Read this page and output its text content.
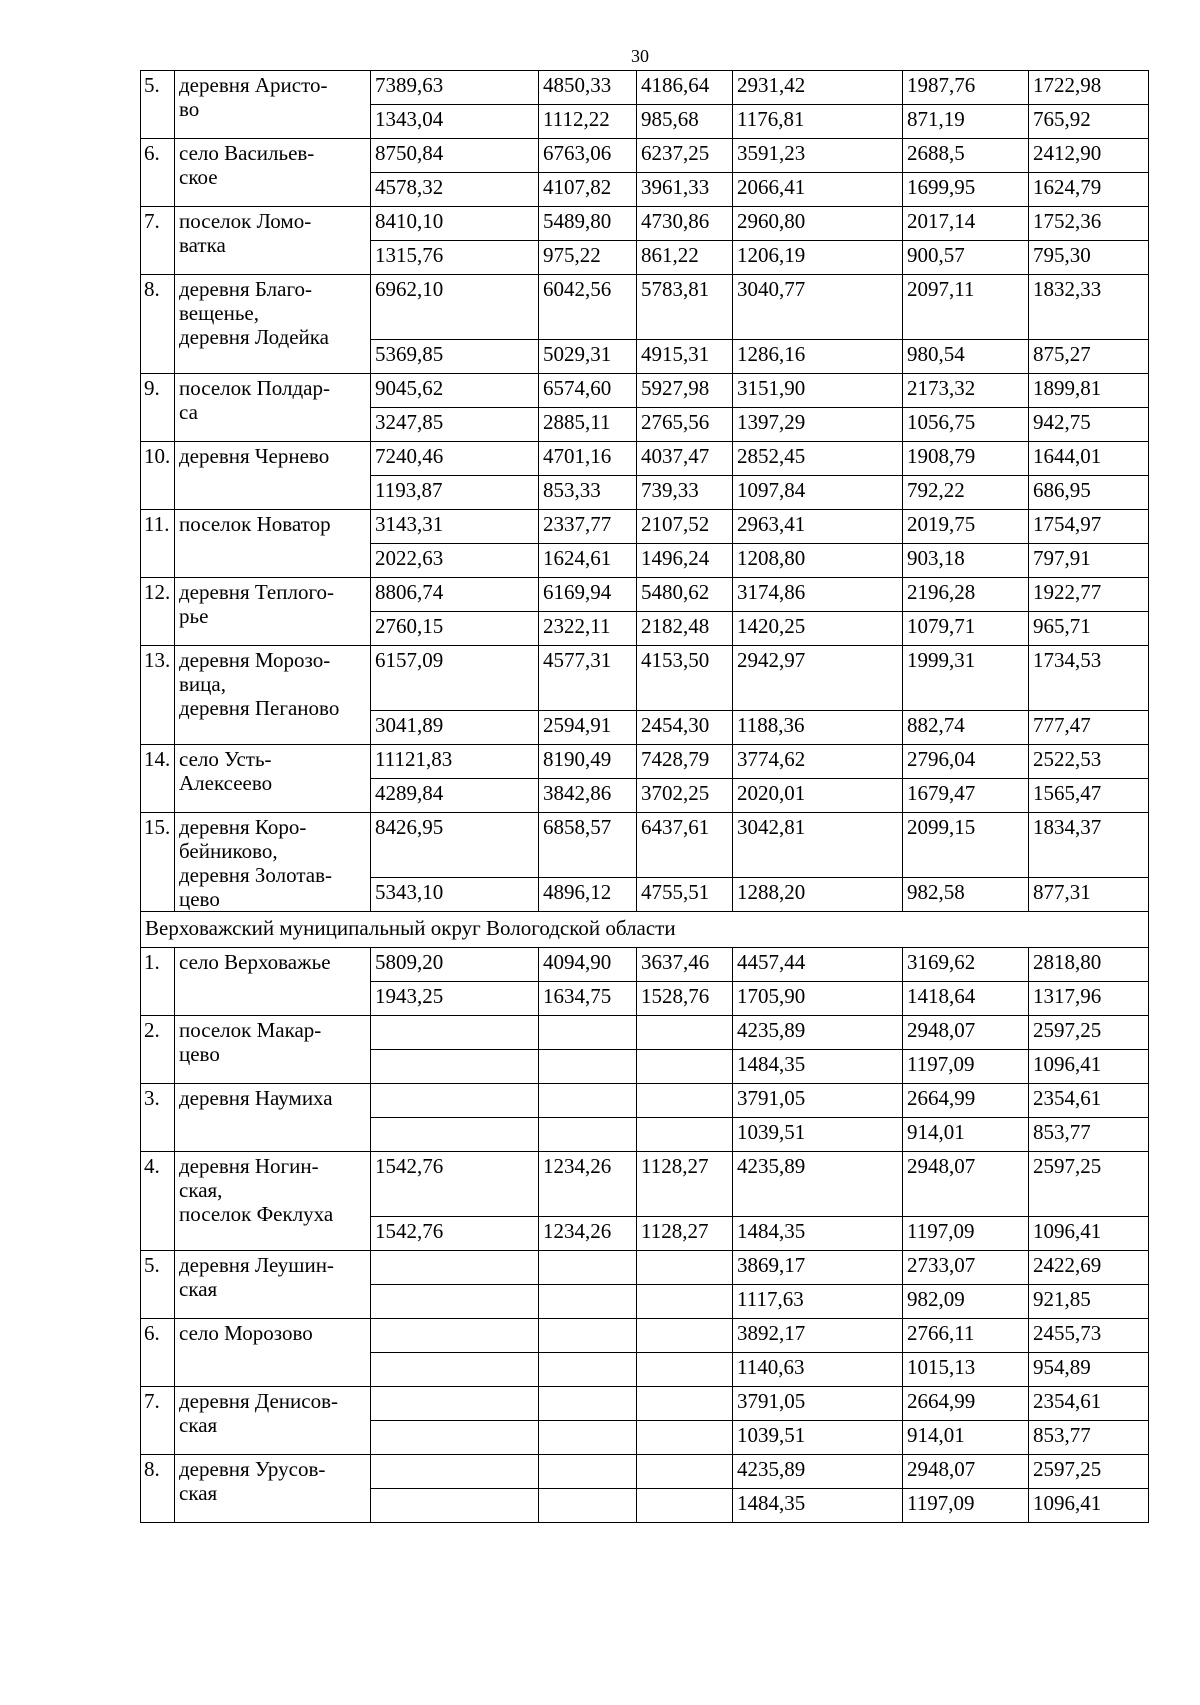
30
5.	деревня Аристо-
во	7389,63	4850,33	4186,64	2931,42	1987,76	1722,98
		1343,04	1112,22	985,68	1176,81	871,19	765,92
6.	село Васильев-
ское	8750,84	6763,06	6237,25	3591,23	2688,5	2412,90
		4578,32	4107,82	3961,33	2066,41	1699,95	1624,79
7.	поселок Ломо-
ватка	8410,10	5489,80	4730,86	2960,80	2017,14	1752,36
		1315,76	975,22	861,22	1206,19	900,57	795,30
8.	деревня Благо-
вещенье,
деревня Лодейка	6962,10	6042,56	5783,81	3040,77	2097,11	1832,33
		5369,85	5029,31	4915,31	1286,16	980,54	875,27
9.	поселок Полдар-
са	9045,62	6574,60	5927,98	3151,90	2173,32	1899,81
		3247,85	2885,11	2765,56	1397,29	1056,75	942,75
10.	деревня Чернево	7240,46	4701,16	4037,47	2852,45	1908,79	1644,01
		1193,87	853,33	739,33	1097,84	792,22	686,95
11.	поселок Новатор	3143,31	2337,77	2107,52	2963,41	2019,75	1754,97
		2022,63	1624,61	1496,24	1208,80	903,18	797,91
12.	деревня Теплого-
рье	8806,74	6169,94	5480,62	3174,86	2196,28	1922,77
		2760,15	2322,11	2182,48	1420,25	1079,71	965,71
13.	деревня Морозо-
вица,
деревня Пеганово	6157,09	4577,31	4153,50	2942,97	1999,31	1734,53
		3041,89	2594,91	2454,30	1188,36	882,74	777,47
14.	село Усть-
Алексеево	11121,83	8190,49	7428,79	3774,62	2796,04	2522,53
		4289,84	3842,86	3702,25	2020,01	1679,47	1565,47
15.	деревня Коро-
бейниково,
деревня Золотав-
цево	8426,95	6858,57	6437,61	3042,81	2099,15	1834,37
		5343,10	4896,12	4755,51	1288,20	982,58	877,31
Верховажский муниципальный округ Вологодской области							
1.	село Верховажье	5809,20	4094,90	3637,46	4457,44	3169,62	2818,80
		1943,25	1634,75	1528,76	1705,90	1418,64	1317,96
2.	поселок Макар-
цево				4235,89	2948,07	2597,25
					1484,35	1197,09	1096,41
3.	деревня Наумиха				3791,05	2664,99	2354,61
					1039,51	914,01	853,77
4.	деревня Ногин-
ская,
поселок Феклуха	1542,76	1234,26	1128,27	4235,89	2948,07	2597,25
		1542,76	1234,26	1128,27	1484,35	1197,09	1096,41
5.	деревня Леушин-
ская				3869,17	2733,07	2422,69
					1117,63	982,09	921,85
6.	село Морозово				3892,17	2766,11	2455,73
					1140,63	1015,13	954,89
7.	деревня Денисов-
ская				3791,05	2664,99	2354,61
					1039,51	914,01	853,77
8.	деревня Урусов-
ская				4235,89	2948,07	2597,25
					1484,35	1197,09	1096,41
